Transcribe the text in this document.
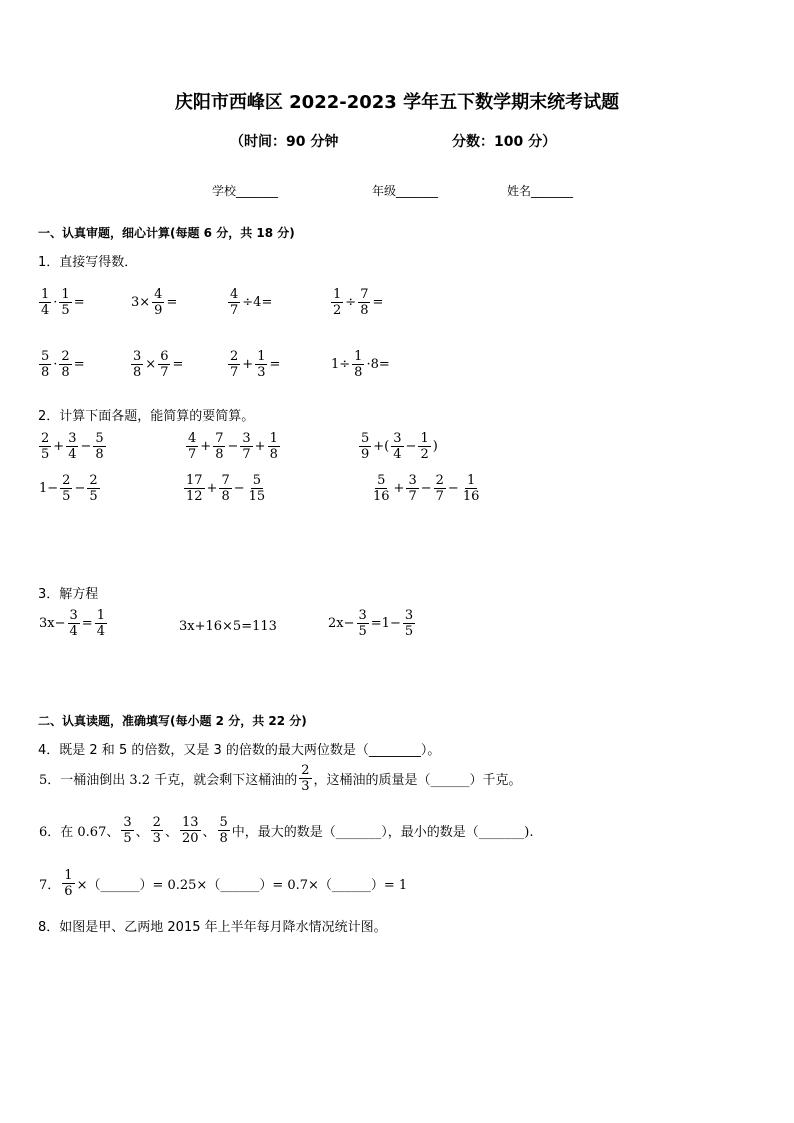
庆阳市西峰区 2022-2023 学年五下数学期末统考试题
（时间：90 分钟	分数：100 分）
学校_______	年级_______	姓名_______
一、认真审题，细心计算(每题 6 分，共 18 分)
1．直接写得数．
2．计算下面各题，能简算的要简算。
3．解方程
二、认真读题，准确填写(每小题 2 分，共 22 分)
4．既是 2 和 5 的倍数，又是 3 的倍数的最大两位数是（________）。
5．一桶油倒出 3.2 千克，就会剩下这桶油的 $\frac{2}{3}$ ，这桶油的质量是（______）千克。
6．在 0.67、 $\frac{3}{5}$ 、 $\frac{2}{3}$ 、 $\frac{13}{20}$ 、 $\frac{5}{8}$ 中，最大的数是（_______），最小的数是（_______).
7． $\frac{1}{6}$ ×（______）= 0.25×（______）= 0.7×（______）= 1
8．如图是甲、乙两地 2015 年上半年每月降水情况统计图。
$\frac{1}{4} \cdot \frac{1}{5}$ =	$3\times \frac{4}{9}$ =	$\frac{4}{7} \div 4=$	$\frac{1}{2} \div \frac{7}{8}$ =
$\frac{5}{8} \cdot \frac{2}{8}$ =	$\frac{3}{8} \times \frac{6}{7}$ =	$\frac{2}{7} + \frac{1}{3}$ =	$1\div \frac{1}{8} \cdot 8=$
$\frac{2}{5} + \frac{3}{4} - \frac{5}{8}$	$\frac{4}{7} + \frac{7}{8} - \frac{3}{7} + \frac{1}{8}$	$\frac{5}{9}$ +( $\frac{3}{4} - \frac{1}{2}$ )
$1- \frac{2}{5} - \frac{2}{5}$	$\frac{17}{12} + \frac{7}{8} - \frac{5}{15}$	$\frac{5}{16} + \frac{3}{7} - \frac{2}{7} - \frac{1}{16}$
$3x- \frac{3}{4} = \frac{1}{4}$	3x+16×5=113	$2x- \frac{3}{5} =1- \frac{3}{5}$
